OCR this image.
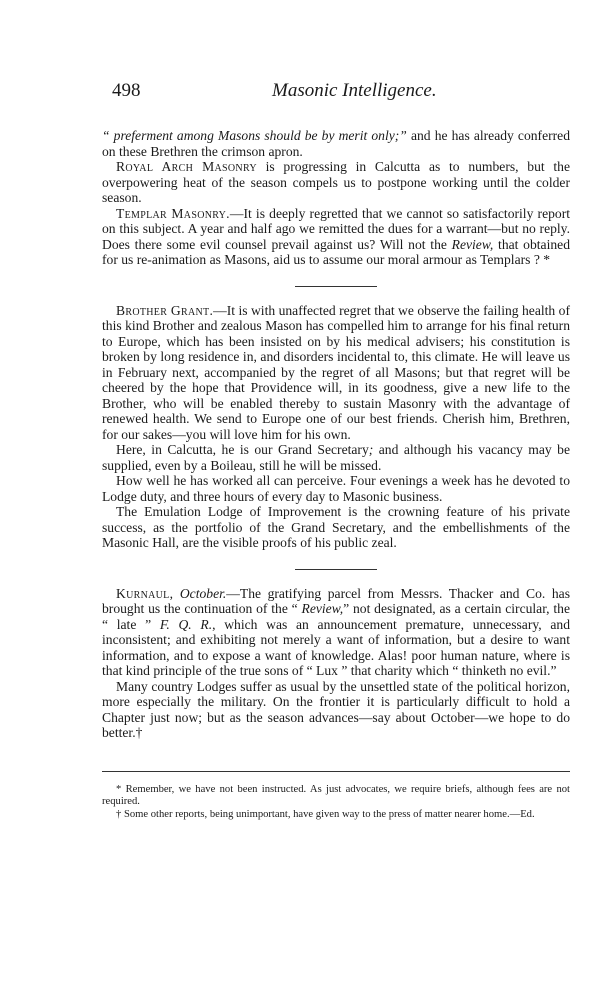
498	Masonic Intelligence.

“ preferment among Masons should be by merit only;” and he has already conferred on these Brethren the crimson apron.

Royal Arch Masonry is progressing in Calcutta as to numbers, but the overpowering heat of the season compels us to postpone working until the colder season.

Templar Masonry.—It is deeply regretted that we cannot so satisfactorily report on this subject. A year and half ago we remitted the dues for a warrant—but no reply. Does there some evil counsel prevail against us? Will not the Review, that obtained for us re-animation as Masons, aid us to assume our moral armour as Templars ? *

Brother Grant.—It is with unaffected regret that we observe the failing health of this kind Brother and zealous Mason has compelled him to arrange for his final return to Europe, which has been insisted on by his medical advisers; his constitution is broken by long residence in, and disorders incidental to, this climate. He will leave us in February next, accompanied by the regret of all Masons; but that regret will be cheered by the hope that Providence will, in its goodness, give a new life to the Brother, who will be enabled thereby to sustain Masonry with the advantage of renewed health. We send to Europe one of our best friends. Cherish him, Brethren, for our sakes—you will love him for his own.

Here, in Calcutta, he is our Grand Secretary; and although his vacancy may be supplied, even by a Boileau, still he will be missed.

How well he has worked all can perceive. Four evenings a week has he devoted to Lodge duty, and three hours of every day to Masonic business.

The Emulation Lodge of Improvement is the crowning feature of his private success, as the portfolio of the Grand Secretary, and the embellishments of the Masonic Hall, are the visible proofs of his public zeal.

Kurnaul, October.—The gratifying parcel from Messrs. Thacker and Co. has brought us the continuation of the “ Review,” not designated, as a certain circular, the “ late ” F. Q. R., which was an announcement premature, unnecessary, and inconsistent; and exhibiting not merely a want of information, but a desire to want information, and to expose a want of knowledge. Alas! poor human nature, where is that kind principle of the true sons of “ Lux ” that charity which “ thinketh no evil.”

Many country Lodges suffer as usual by the unsettled state of the political horizon, more especially the military. On the frontier it is particularly difficult to hold a Chapter just now; but as the season advances—say about October—we hope to do better.†

* Remember, we have not been instructed. As just advocates, we require briefs, although fees are not required.

† Some other reports, being unimportant, have given way to the press of matter nearer home.—Ed.
